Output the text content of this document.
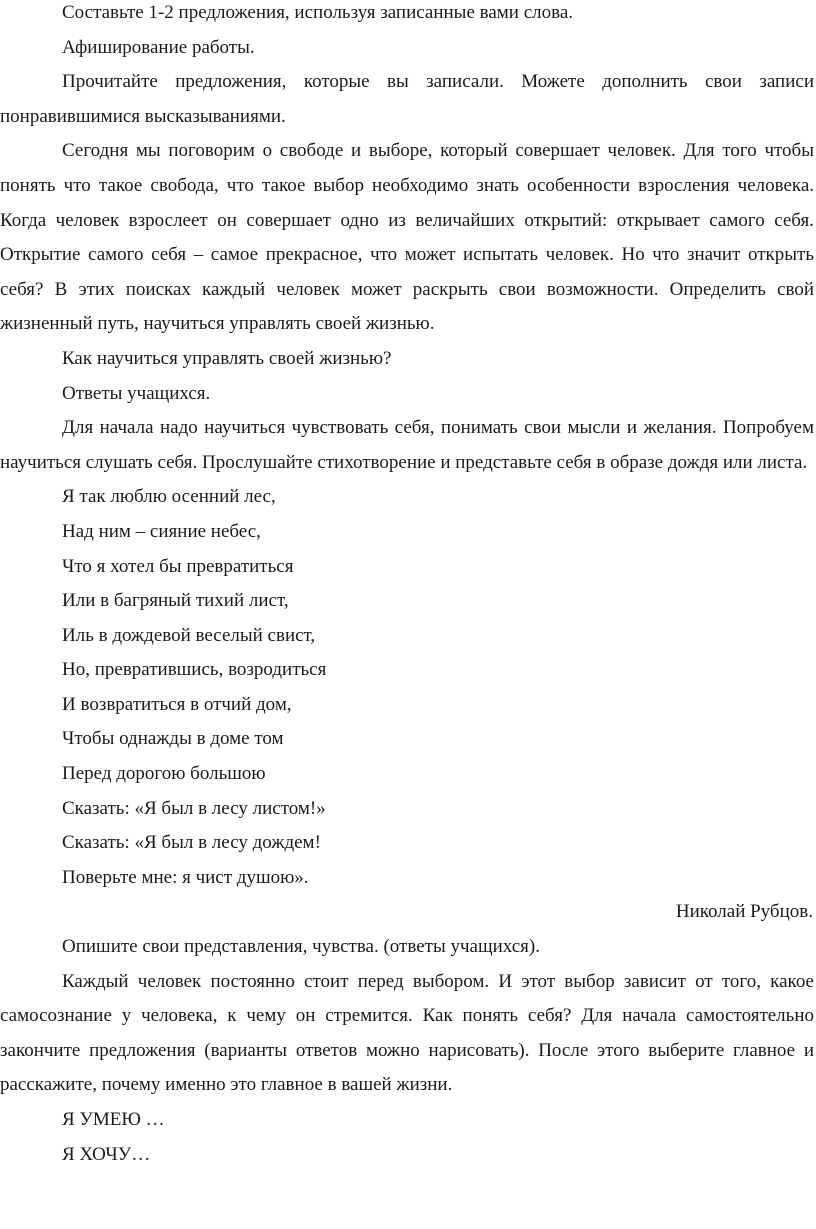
Составьте 1-2 предложения, используя записанные вами слова.

Афиширование работы.

Прочитайте предложения, которые вы записали. Можете дополнить свои записи понравившимися высказываниями.

Сегодня мы поговорим о свободе и выборе, который совершает человек. Для того чтобы понять что такое свобода, что такое выбор необходимо знать особенности взросления человека. Когда человек взрослеет он совершает одно из величайших открытий: открывает самого себя. Открытие самого себя – самое прекрасное, что может испытать человек. Но что значит открыть себя? В этих поисках каждый человек может раскрыть свои возможности. Определить свой жизненный путь, научиться управлять своей жизнью.

Как научиться управлять своей жизнью?

Ответы учащихся.

Для начала надо научиться чувствовать себя, понимать свои мысли и желания. Попробуем научиться слушать себя. Прослушайте стихотворение и представьте себя в образе дождя или листа.

Я так люблю осенний лес,

Над ним – сияние небес,

Что я хотел бы превратиться

Или в багряный тихий лист,

Иль в дождевой веселый свист,

Но, превратившись, возродиться

И возвратиться в отчий дом,

Чтобы однажды в доме том

Перед дорогою большою

Сказать: «Я был в лесу листом!»

Сказать: «Я был в лесу дождем!

Поверьте мне: я чист душою».

Николай Рубцов.

Опишите свои представления, чувства. (ответы учащихся).

Каждый человек постоянно стоит перед выбором. И этот выбор зависит от того, какое самосознание у человека, к чему он стремится. Как понять себя? Для начала самостоятельно закончите предложения (варианты ответов можно нарисовать). После этого выберите главное и расскажите, почему именно это главное в вашей жизни.

Я УМЕЮ …

Я ХОЧУ…
